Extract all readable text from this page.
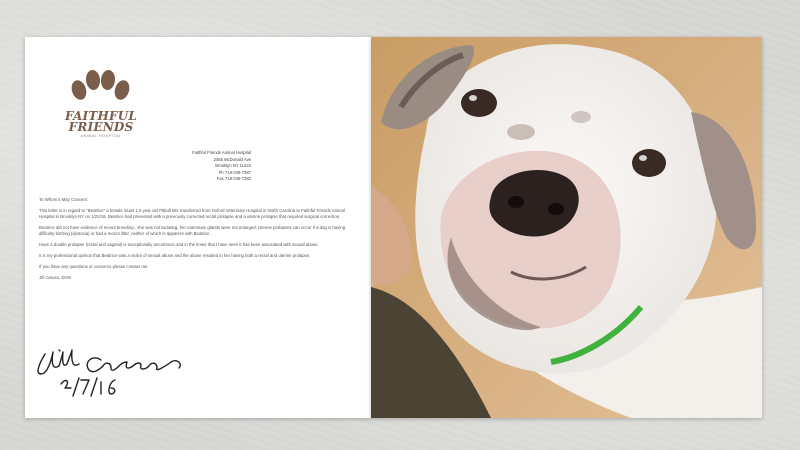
FAITHFUL
FRIENDS
ANIMAL HOSPITAL
Faithful Friends Animal Hospital
2455 McDonald Ave
Brooklyn NY 11223
Ph 718-339-7387
Fax 718-339-7382

To Whom it May Concern:

This letter is in regard to "Beatrice" a female intact 1.5 year old Pitbull Mix transferred from Oxford Veterinary Hospital in North Carolina to Faithful Friends Animal Hospital in Brooklyn NY on 1/22/16. Beatrice had presented with a previously corrected rectal prolapse and a uterine prolapse that required surgical correction.

Beatrice did not have evidence of recent breeding , she was not lactating, her mammary glands were not enlarged. Uterine prolapses can occur if a dog is having difficulty birthing (dystocia) or had a recent litter, neither of which is apparent with Beatrice.

Have a double prolapse (rectal and vaginal) is exceptionally uncommon and in the times that I have seen it has been associated with sexual abuse.

It is my professional opinion that Beatrice was a victim of sexual abuse and the abuse resulted in her having both a rectal and uterine prolapse.

If you have any questions or concerns please contact me.

Jill Caruso, DVM
